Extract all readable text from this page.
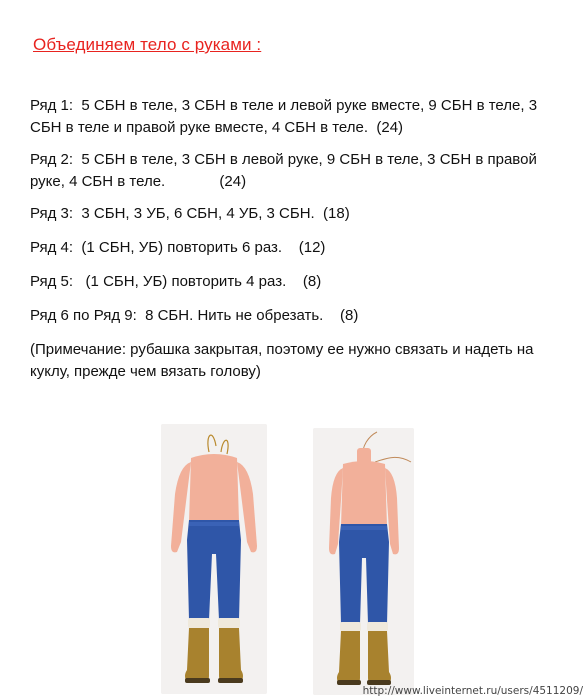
Объединяем тело с руками :
Ряд 1:  5 СБН в теле, 3 СБН в теле и левой руке вместе, 9 СБН в теле, 3 СБН в теле и правой руке вместе, 4 СБН в теле.  (24)
Ряд 2:  5 СБН в теле, 3 СБН в левой руке, 9 СБН в теле, 3 СБН в правой руке, 4 СБН в теле.             (24)
Ряд 3:  3 СБН, 3 УБ, 6 СБН, 4 УБ, 3 СБН.  (18)
Ряд 4:  (1 СБН, УБ) повторить 6 раз.    (12)
Ряд 5:   (1 СБН, УБ) повторить 4 раз.    (8)
Ряд 6 по Ряд 9:  8 СБН. Нить не обрезать.    (8)
(Примечание: рубашка закрытая, поэтому ее нужно связать и надеть на куклу, прежде чем вязать голову)
http://www.liveinternet.ru/users/4511209/
